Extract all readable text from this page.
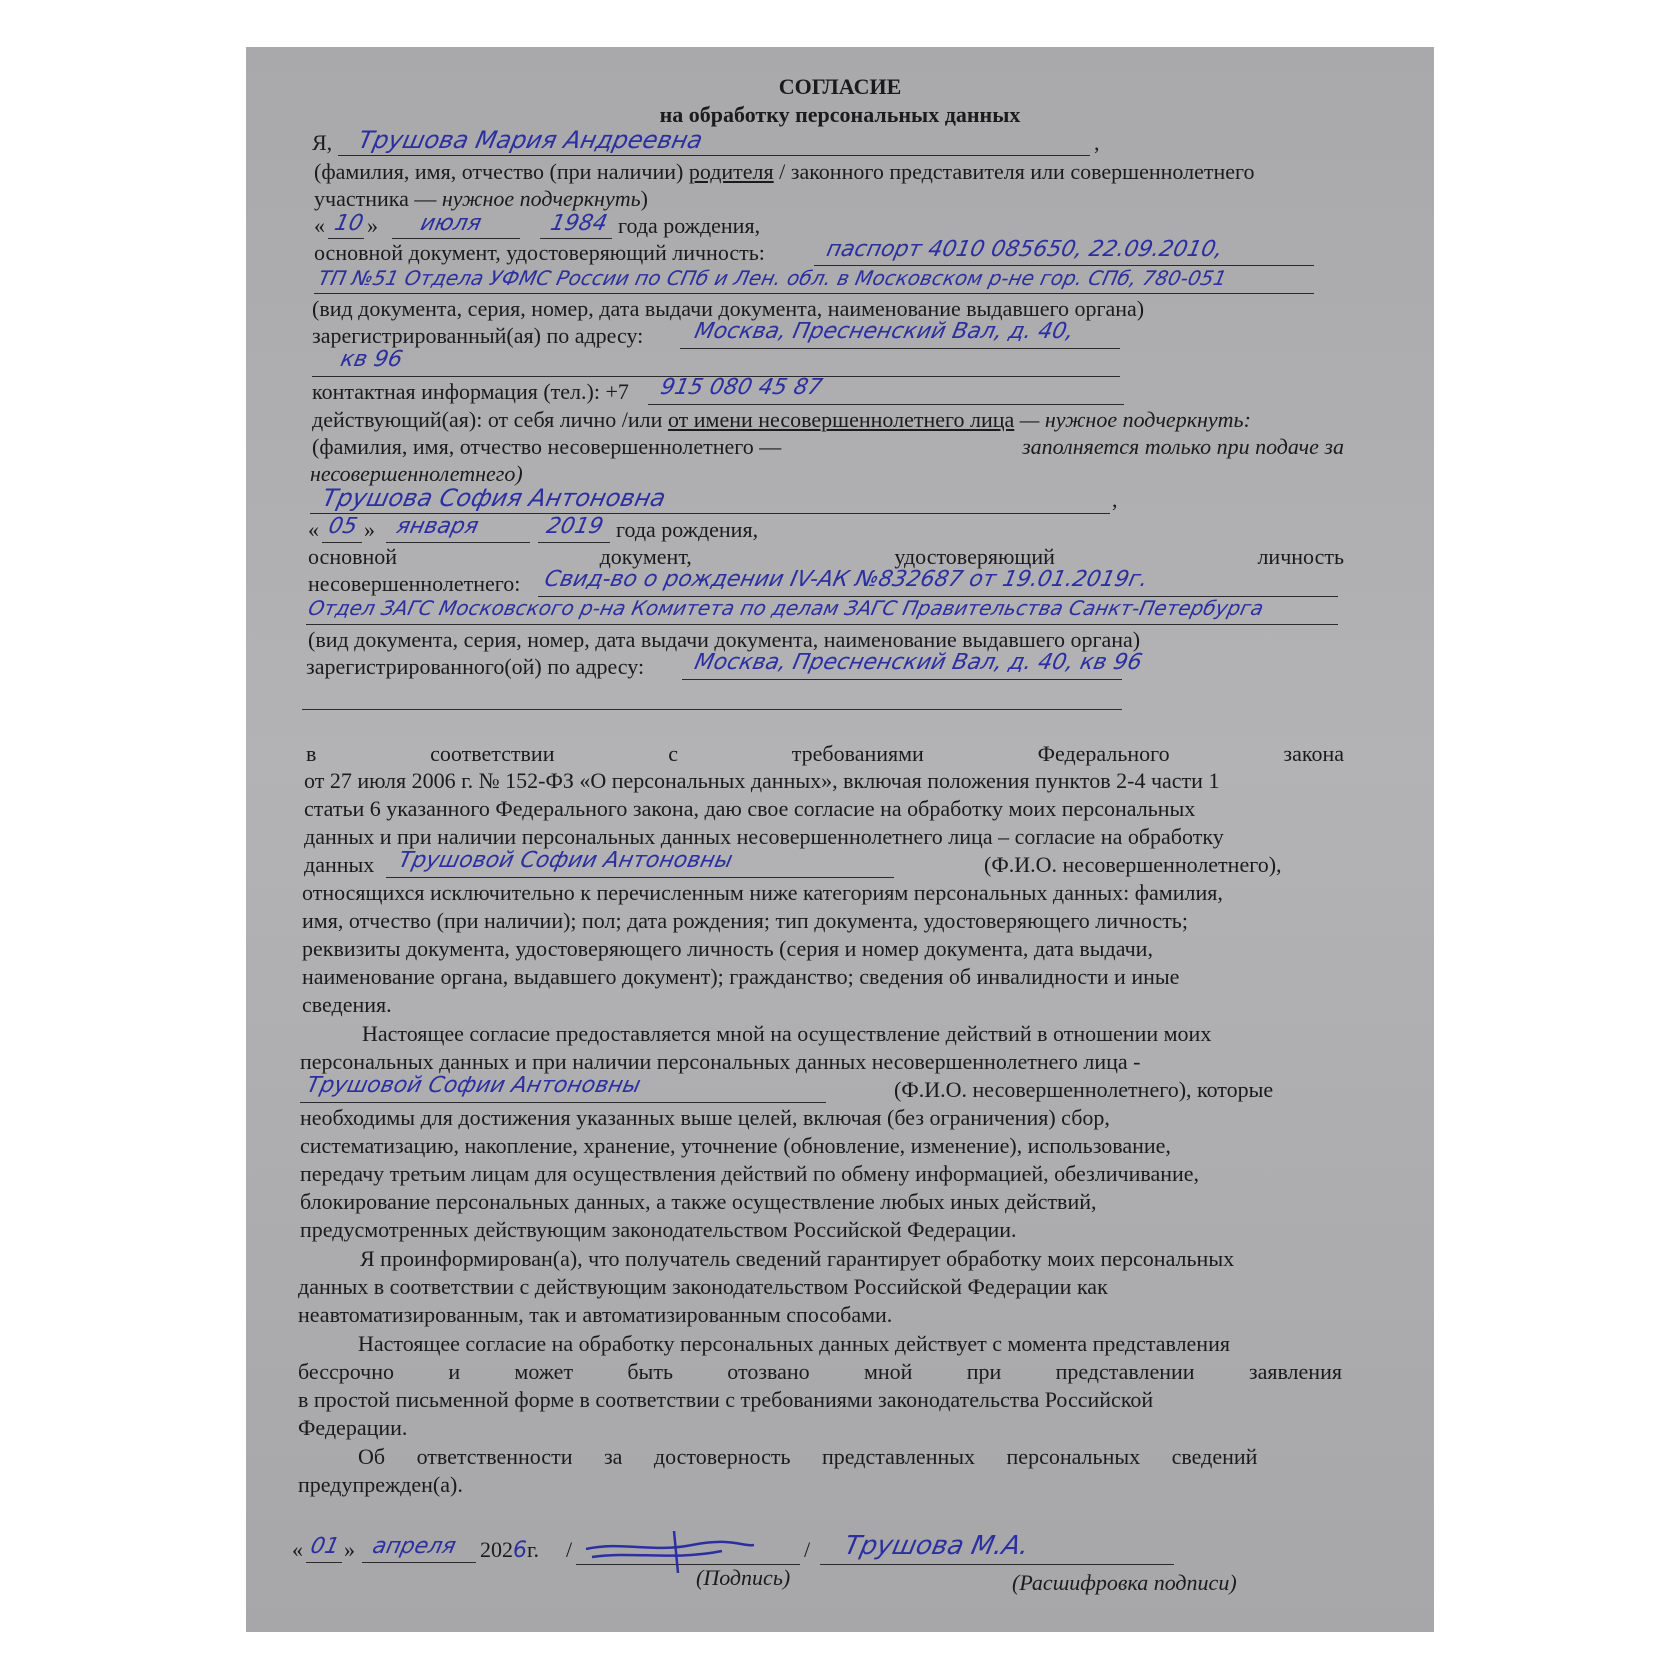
СОГЛАСИЕ
на обработку персональных данных
Я, Трушова Мария Андреевна	,
(фамилия, имя, отчество (при наличии) родителя / законного представителя или совершеннолетнего
участника — нужное подчеркнуть)
« 10 » июля	1984 года рождения,
основной документ, удостоверяющий личность:	паспорт 4010 085650, 22.09.2010,
ТП №51 Отдела УФМС России по СПб и Лен. обл. в Московском р-не гор. СПб, 780-051
(вид документа, серия, номер, дата выдачи документа, наименование выдавшего органа)
зарегистрированный(ая) по адресу: Москва, Пресненский Вал, д. 40,
кв 96
контактная информация (тел.): +7 915 080 45 87
действующий(ая): от себя лично /или от имени несовершеннолетнего лица — нужное подчеркнуть:
(фамилия, имя, отчество несовершеннолетнего —	заполняется только при подаче за
несовершеннолетнего)
Трушова София Антоновна	,
« 05 » января	2019 года рождения,
основной	документ,	удостоверяющий	личность
несовершеннолетнего: Свид-во о рождении IV-АК №832687 от 19.01.2019г.
Отдел ЗАГС Московского р-на Комитета по делам ЗАГС Правительства Санкт-Петербурга
(вид документа, серия, номер, дата выдачи документа, наименование выдавшего органа)
зарегистрированного(ой) по адресу: Москва, Пресненский Вал, д. 40, кв 96
в	соответствии	с	требованиями	Федерального	закона
от 27 июля 2006 г. № 152-ФЗ «О персональных данных», включая положения пунктов 2-4 части 1
статьи 6 указанного Федерального закона, даю свое согласие на обработку моих персональных
данных и при наличии персональных данных несовершеннолетнего лица – согласие на обработку
данных Трушовой Софии Антоновны	(Ф.И.О. несовершеннолетнего),
относящихся исключительно к перечисленным ниже категориям персональных данных: фамилия,
имя, отчество (при наличии); пол; дата рождения; тип документа, удостоверяющего личность;
реквизиты документа, удостоверяющего личность (серия и номер документа, дата выдачи,
наименование органа, выдавшего документ); гражданство; сведения об инвалидности и иные
сведения.
Настоящее согласие предоставляется мной на осуществление действий в отношении моих
персональных данных и при наличии персональных данных несовершеннолетнего лица -
Трушовой Софии Антоновны	(Ф.И.О. несовершеннолетнего), которые
необходимы для достижения указанных выше целей, включая (без ограничения) сбор,
систематизацию, накопление, хранение, уточнение (обновление, изменение), использование,
передачу третьим лицам для осуществления действий по обмену информацией, обезличивание,
блокирование персональных данных, а также осуществление любых иных действий,
предусмотренных действующим законодательством Российской Федерации.
Я проинформирован(а), что получатель сведений гарантирует обработку моих персональных
данных в соответствии с действующим законодательством Российской Федерации как
неавтоматизированным, так и автоматизированным способами.
Настоящее согласие на обработку персональных данных действует с момента представления
бессрочно и может быть отозвано мной при представлении заявления
в простой письменной форме в соответствии с требованиями законодательства Российской
Федерации.
Об ответственности за достоверность представленных персональных сведений
предупрежден(а).
« 01 » апреля 2026г. /	/ Трушова М.А.
(Подпись)	(Расшифровка подписи)
